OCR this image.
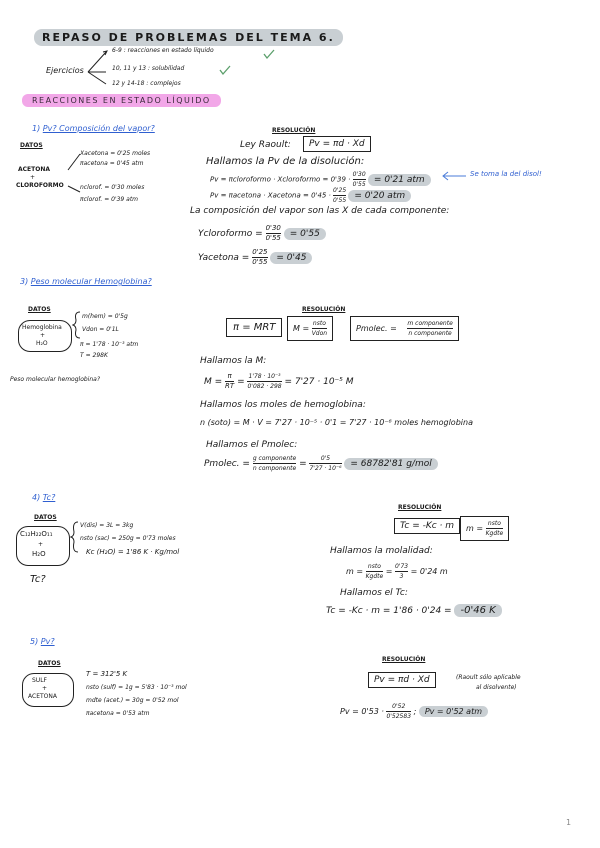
REPASO DE PROBLEMAS DEL TEMA 6.
Ejercicios
6-9 : reacciones en estado líquido
10, 11 y 13 : solubilidad
12 y 14-18 : complejos
REACCIONES EN ESTADO LÍQUIDO
1) Pv? Composición del vapor?
DATOS
ACETONA
+
CLOROFORMO
Xacetona = 0'25 moles
πacetona = 0'45 atm
nclorof. = 0'30 moles
πclorof. = 0'39 atm
RESOLUCIÓN
Ley Raoult:	Pv = πd · Xd
Hallamos la Pv de la disolución:
Pv = πcloroformo · Xcloroformo = $0'39 \cdot \frac{0'30}{0'55} = 0'21$ atm
Se toma la del disol!
Pv = πacetona · Xacetona = $0'45 \cdot \frac{0'25}{0'55} = 0'20$ atm
La composición del vapor son las X de cada componente:
Ycloroformo = $\frac{0'30}{0'55} = 0'55$
Yacetona = $\frac{0'25}{0'55} = 0'45$
3) Peso molecular Hemoglobina?
DATOS
Hemoglobina
+
H₂O
m(hem) = 0'5g
Vdon = 0'1L
π = 1'78 · 10⁻³ atm
T = 298K
Peso molecular hemoglobina?
RESOLUCIÓN
π = MRT	$M = \frac{\text{nsto}}{\text{Vdon}}$	Pmolec. = $\frac{\text{m componente}}{\text{n componente}}$
Hallamos la M:
$M = \frac{\pi}{RT} = \frac{\text{1'78 · 10⁻³}}{0'082 \cdot 298} = 7'27 \cdot 10^{-5}$ M
Hallamos los moles de hemoglobina:
n (soto) = M · V = 7'27 · 10⁻⁵ · 0'1 = 7'27 · 10⁻⁶ moles hemoglobina
Hallamos el Pmolec:
Pmolec. = $\frac{\text{g componente}}{\text{n componente}} = \frac{0'5}{\text{7'27 · 10⁻⁶}} = 68782'81$ g/mol
4) Tc?
DATOS
C₁₂H₂₂O₁₁
+
H₂O
V(dis) = 3L = 3kg
nsto (sac) = 250g = 0'73 moles
Kc (H₂O) = 1'86 K · Kg/mol
Tc?
RESOLUCIÓN
Tc = -Kc · m	$m = \frac{\text{nsto}}{\text{Kgdte}}$
Hallamos la molalidad:
$m = \frac{\text{nsto}}{\text{Kgdte}} = \frac{0'73}{3} = 0'24$ m
Hallamos el Tc:
Tc = -Kc · m = 1'86 · 0'24 = -0'46 K
5) Pv?
DATOS
SULF
+
ACETONA
T = 312'5 K
nsto (sulf) = 1g = 5'83 · 10⁻³ mol
mdte (acet.) = 30g = 0'52 mol
πacetona = 0'53 atm
RESOLUCIÓN
Pv = πd · Xd	(Raoult sólo aplicable
al disolvente)
$Pv = 0'53 \cdot \frac{0'52}{0'52583}$ ; Pv = 0'52 atm
1
